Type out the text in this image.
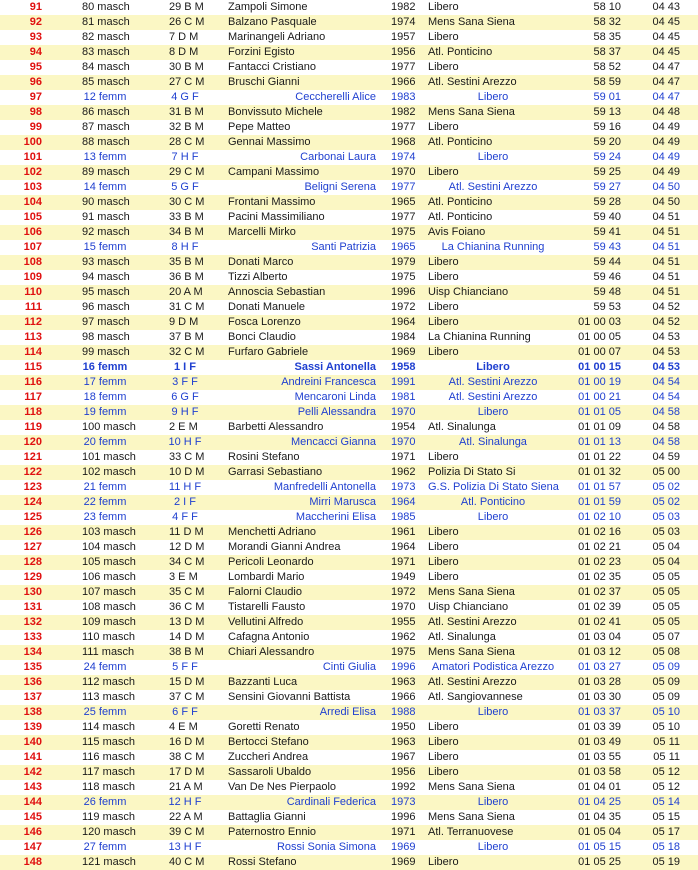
91	80 masch	29 B M	Zampoli Simone	1982	Libero	58 10	04 43
92	81 masch	26 C M	Balzano Pasquale	1974	Mens Sana Siena	58 32	04 45
93	82 masch	7 D M	Marinangeli Adriano	1957	Libero	58 35	04 45
94	83 masch	8 D M	Forzini Egisto	1956	Atl. Ponticino	58 37	04 45
95	84 masch	30 B M	Fantacci Cristiano	1977	Libero	58 52	04 47
96	85 masch	27 C M	Bruschi Gianni	1966	Atl. Sestini Arezzo	58 59	04 47
97	12 femm	4 G F	Ceccherelli Alice 1983	Libero	59 01	04 47
98	86 masch	31 B M	Bonvissuto Michele	1982	Mens Sana Siena	59 13	04 48
99	87 masch	32 B M	Pepe Matteo	1977	Libero	59 16	04 49
100	88 masch	28 C M	Gennai Massimo	1968	Atl. Ponticino	59 20	04 49
101	13 femm	7 H F	Carbonai Laura 1974	Libero	59 24	04 49
102	89 masch	29 C M	Campani Massimo	1970	Libero	59 25	04 49
103	14 femm	5 G F	Beligni Serena 1977	Atl. Sestini Arezzo	59 27	04 50
104	90 masch	30 C M	Frontani Massimo	1965	Atl. Ponticino	59 28	04 50
105	91 masch	33 B M	Pacini Massimiliano	1977	Atl. Ponticino	59 40	04 51
106	92 masch	34 B M	Marcelli Mirko	1975	Avis Foiano	59 41	04 51
107	15 femm	8 H F	Santi Patrizia 1965	La Chianina Running	59 43	04 51
108	93 masch	35 B M	Donati Marco	1979	Libero	59 44	04 51
109	94 masch	36 B M	Tizzi Alberto	1975	Libero	59 46	04 51
110	95 masch	20 A M	Annoscia Sebastian	1996	Uisp Chianciano	59 48	04 51
111	96 masch	31 C M	Donati Manuele	1972	Libero	59 53	04 52
112	97 masch	9 D M	Fosca Lorenzo	1964	Libero	01 00 03	04 52
113	98 masch	37 B M	Bonci Claudio	1984	La Chianina Running	01 00 05	04 53
114	99 masch	32 C M	Furfaro Gabriele	1969	Libero	01 00 07	04 53
115	16 femm	1 I F	Sassi Antonella 1958	Libero	01 00 15	04 53
116	17 femm	3 F F	Andreini Francesca 1991	Atl. Sestini Arezzo	01 00 19	04 54
117	18 femm	6 G F	Mencaroni Linda 1981	Atl. Sestini Arezzo	01 00 21	04 54
118	19 femm	9 H F	Pelli Alessandra 1970	Libero	01 01 05	04 58
119	100 masch	2 E M	Barbetti Alessandro	1954	Atl. Sinalunga	01 01 09	04 58
120	20 femm	10 H F	Mencacci Gianna 1970	Atl. Sinalunga	01 01 13	04 58
121	101 masch	33 C M	Rosini Stefano	1971	Libero	01 01 22	04 59
122	102 masch	10 D M	Garrasi Sebastiano	1962	Polizia Di Stato Si	01 01 32	05 00
123	21 femm	11 H F	Manfredelli Antonella 1973	G.S. Polizia Di Stato Siena	01 01 57	05 02
124	22 femm	2 I F	Mirri Marusca 1964	Atl. Ponticino	01 01 59	05 02
125	23 femm	4 F F	Maccherini Elisa 1985	Libero	01 02 10	05 03
126	103 masch	11 D M	Menchetti Adriano	1961	Libero	01 02 16	05 03
127	104 masch	12 D M	Morandi Gianni Andrea	1964	Libero	01 02 21	05 04
128	105 masch	34 C M	Pericoli Leonardo	1971	Libero	01 02 23	05 04
129	106 masch	3 E M	Lombardi Mario	1949	Libero	01 02 35	05 05
130	107 masch	35 C M	Falorni Claudio	1972	Mens Sana Siena	01 02 37	05 05
131	108 masch	36 C M	Tistarelli Fausto	1970	Uisp Chianciano	01 02 39	05 05
132	109 masch	13 D M	Vellutini Alfredo	1955	Atl. Sestini Arezzo	01 02 41	05 05
133	110 masch	14 D M	Cafagna Antonio	1962	Atl. Sinalunga	01 03 04	05 07
134	111 masch	38 B M	Chiari Alessandro	1975	Mens Sana Siena	01 03 12	05 08
135	24 femm	5 F F	Cinti Giulia 1996	Amatori Podistica Arezzo	01 03 27	05 09
136	112 masch	15 D M	Bazzanti Luca	1963	Atl. Sestini Arezzo	01 03 28	05 09
137	113 masch	37 C M	Sensini Giovanni Battista	1966	Atl. Sangiovannese	01 03 30	05 09
138	25 femm	6 F F	Arredi Elisa 1988	Libero	01 03 37	05 10
139	114 masch	4 E M	Goretti Renato	1950	Libero	01 03 39	05 10
140	115 masch	16 D M	Bertocci Stefano	1963	Libero	01 03 49	05 11
141	116 masch	38 C M	Zuccheri Andrea	1967	Libero	01 03 55	05 11
142	117 masch	17 D M	Sassaroli Ubaldo	1956	Libero	01 03 58	05 12
143	118 masch	21 A M	Van De Nes Pierpaolo	1992	Mens Sana Siena	01 04 01	05 12
144	26 femm	12 H F	Cardinali Federica 1973	Libero	01 04 25	05 14
145	119 masch	22 A M	Battaglia Gianni	1996	Mens Sana Siena	01 04 35	05 15
146	120 masch	39 C M	Paternostro Ennio	1971	Atl. Terranuovese	01 05 04	05 17
147	27 femm	13 H F	Rossi Sonia Simona 1969	Libero	01 05 15	05 18
148	121 masch	40 C M	Rossi Stefano	1969	Libero	01 05 25	05 19
